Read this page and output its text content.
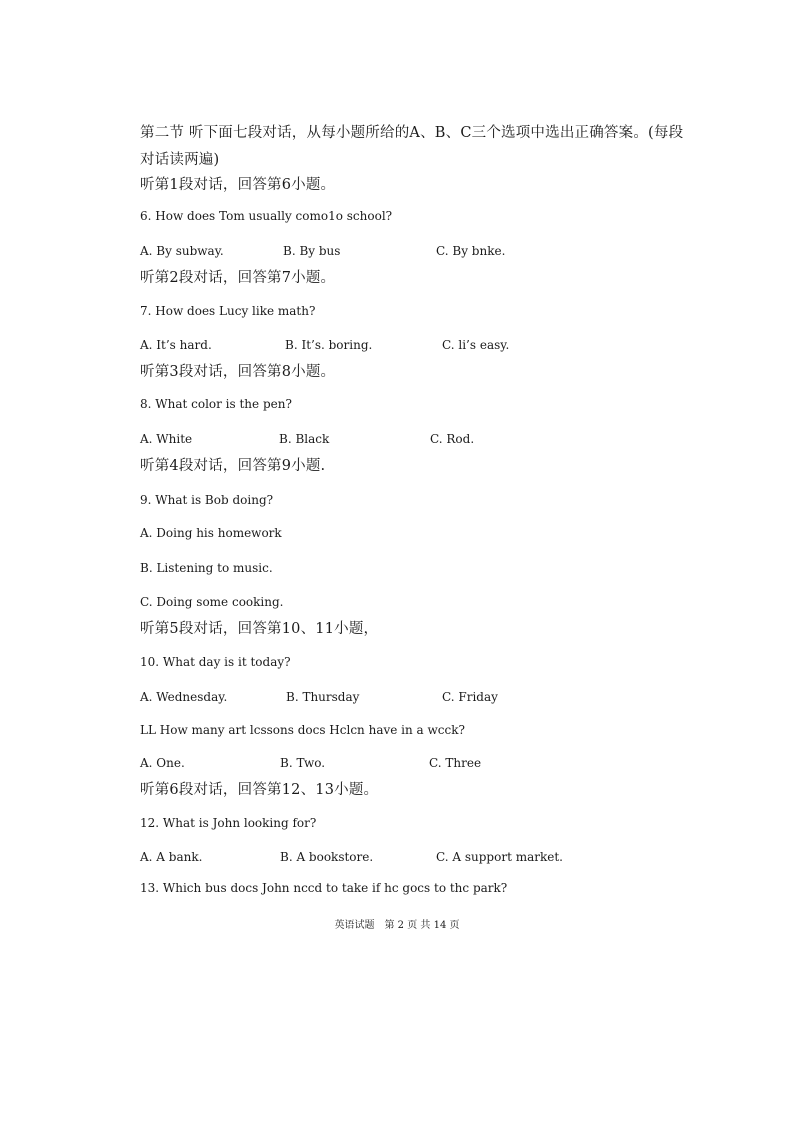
第二节 听下面七段对话，从每小题所给的A、B、C三个选项中选出正确答案。(每段
对话读两遍)
听第1段对话，回答第6小题。
6. How does Tom usually como1o school?
A. By subway.	B. By bus	C. By bnke.
听第2段对话，回答第7小题。
7. How does Lucy like math?
A. It’s hard.	B. It’s. boring.	C. li’s easy.
听第3段对话，回答第8小题。
8. What color is the pen?
A. White	B. Black	C. Rod.
听第4段对话，回答第9小题.
9. What is Bob doing?
A. Doing his homework
B. Listening to music.
C. Doing some cooking.
听第5段对话，回答第10、11小题，
10. What day is it today?
A. Wednesday.	B. Thursday	C. Friday
LL How many art lcssons docs Hclcn have in a wcck?
A. One.	B. Two.	C. Three
听第6段对话，回答第12、13小题。
12. What is John looking for?
A. A bank.	B. A bookstore.	C. A support market.
13. Which bus docs John nccd to take if hc gocs to thc park?
英语试题　第 2 页 共 14 页
